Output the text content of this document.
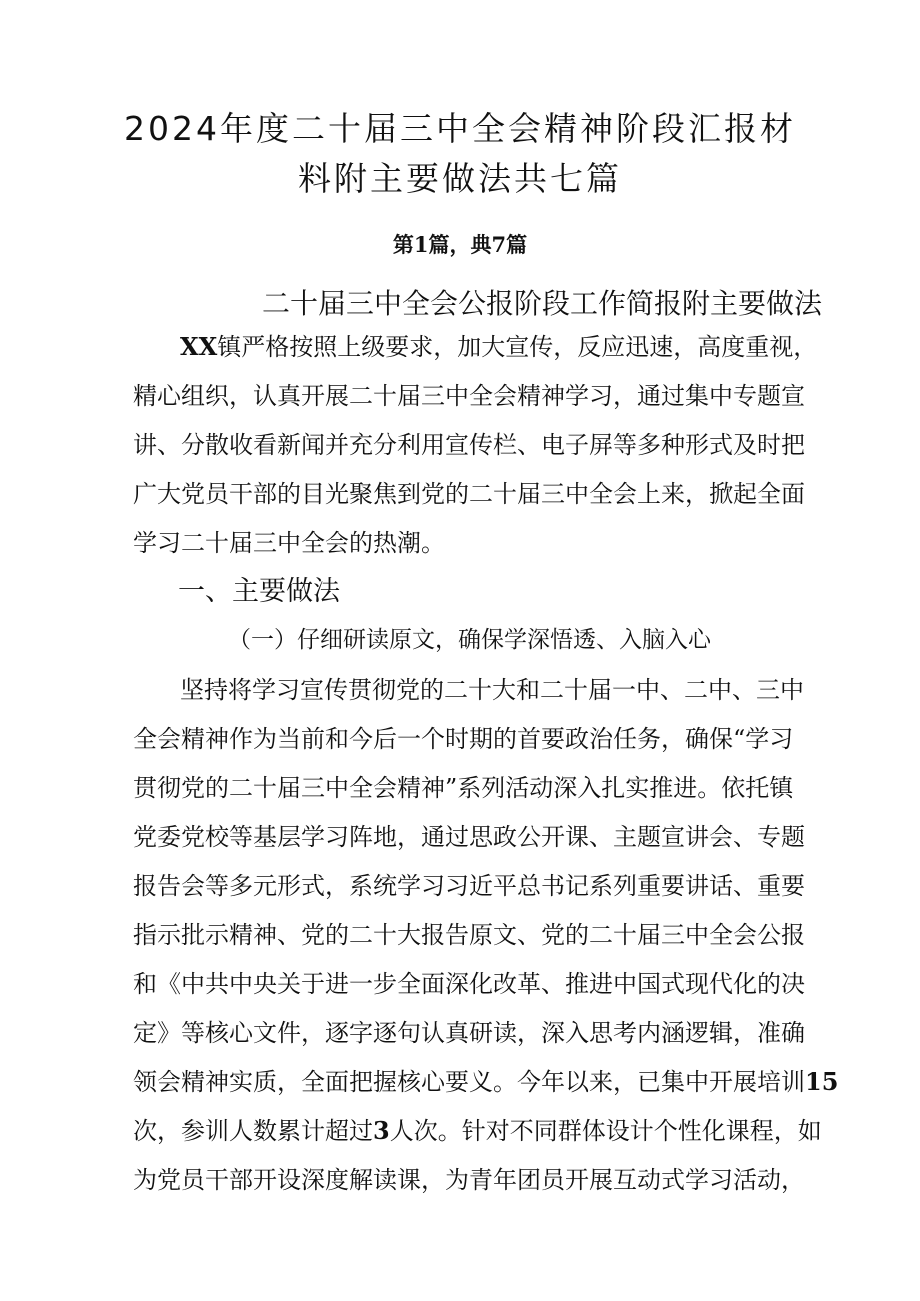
2024年度二十届三中全会精神阶段汇报材
料附主要做法共七篇
第1篇，典7篇
二十届三中全会公报阶段工作简报附主要做法
XX镇严格按照上级要求，加大宣传，反应迅速，高度重视，
精心组织，认真开展二十届三中全会精神学习，通过集中专题宣
讲、分散收看新闻并充分利用宣传栏、电子屏等多种形式及时把
广大党员干部的目光聚焦到党的二十届三中全会上来，掀起全面
学习二十届三中全会的热潮。
一、主要做法
（一）仔细研读原文，确保学深悟透、入脑入心
坚持将学习宣传贯彻党的二十大和二十届一中、二中、三中
全会精神作为当前和今后一个时期的首要政治任务，确保“学习
贯彻党的二十届三中全会精神”系列活动深入扎实推进。依托镇
党委党校等基层学习阵地，通过思政公开课、主题宣讲会、专题
报告会等多元形式，系统学习习近平总书记系列重要讲话、重要
指示批示精神、党的二十大报告原文、党的二十届三中全会公报
和《中共中央关于进一步全面深化改革、推进中国式现代化的决
定》等核心文件，逐字逐句认真研读，深入思考内涵逻辑，准确
领会精神实质，全面把握核心要义。今年以来，已集中开展培训15
次，参训人数累计超过3人次。针对不同群体设计个性化课程，如
为党员干部开设深度解读课，为青年团员开展互动式学习活动，
